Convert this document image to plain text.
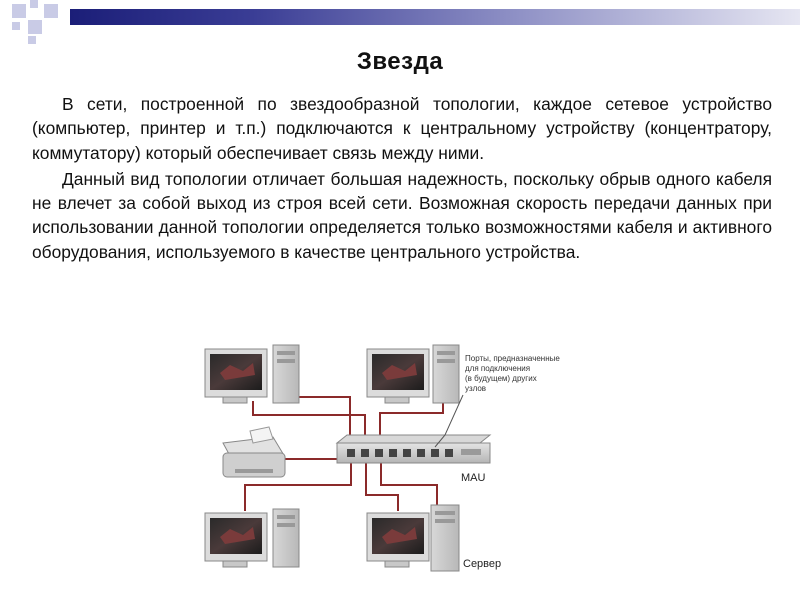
Звезда

В сети, построенной по звездообразной топологии, каждое сетевое устройство (компьютер, принтер и т.п.) подключаются к центральному устройству (концентратору, коммутатору) который обеспечивает связь между ними.

Данный вид топологии отличает большая надежность, поскольку обрыв одного кабеля не влечет за собой выход из строя всей сети. Возможная скорость передачи данных при использовании данной топологии определяется только возможностями кабеля и активного оборудования, используемого в качестве центрального устройства.

Порты, предназначенные для подключения (в будущем) других узлов
MAU
Сервер
